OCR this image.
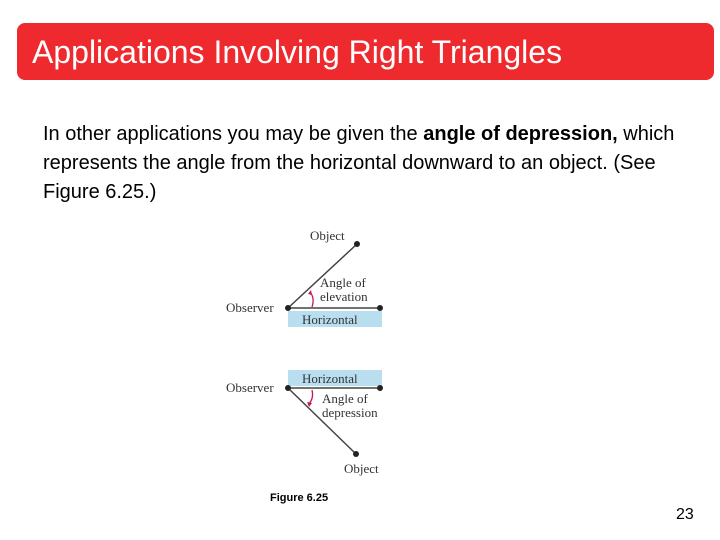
Applications Involving Right Triangles
In other applications you may be given the angle of depression, which represents the angle from the horizontal downward to an object. (See Figure 6.25.)
Object
Observer
Angle of
elevation
Horizontal
Observer
Horizontal
Angle of
depression
Object
Figure 6.25
23
